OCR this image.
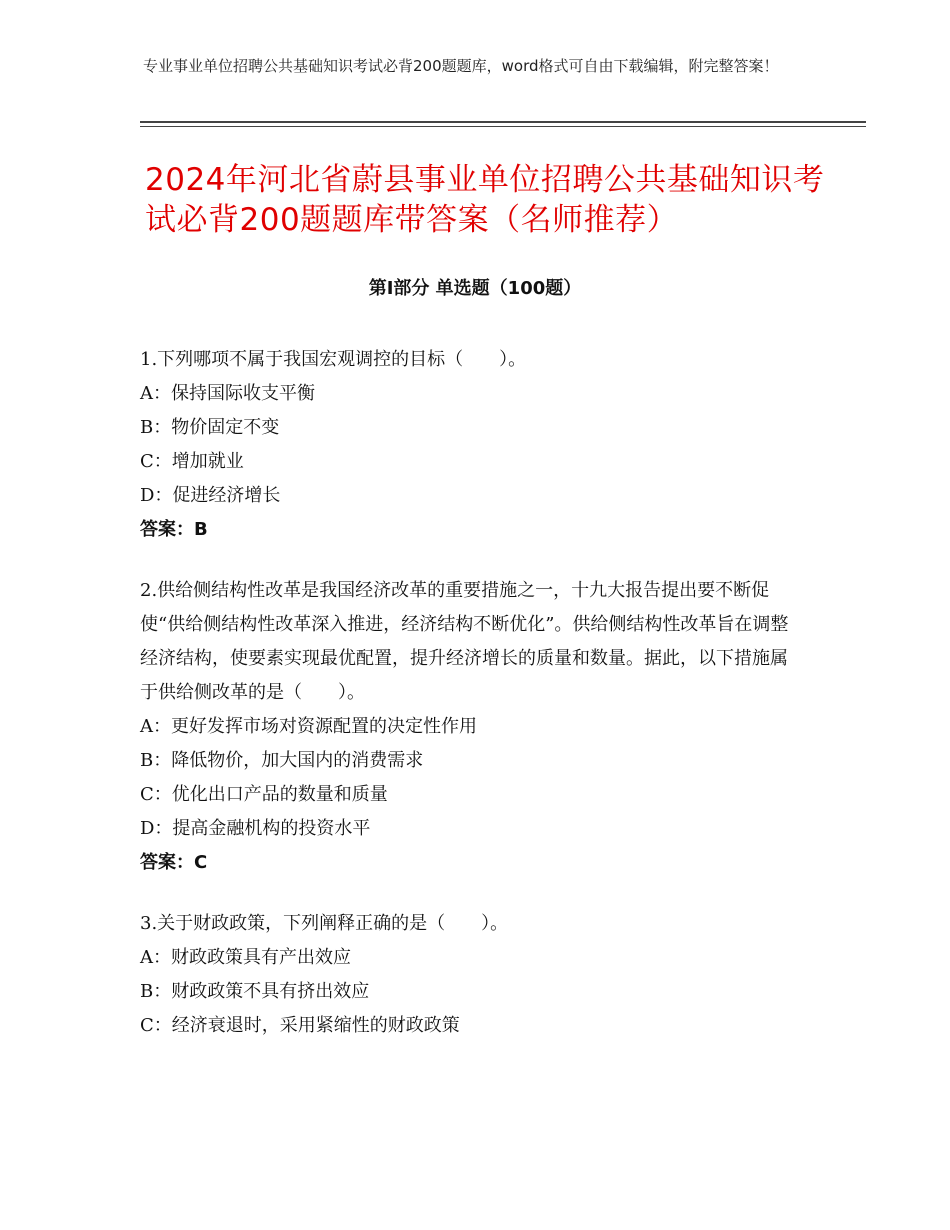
专业事业单位招聘公共基础知识考试必背200题题库，word格式可自由下载编辑，附完整答案！
2024年河北省蔚县事业单位招聘公共基础知识考试必背200题题库带答案（名师推荐）
第Ⅰ部分 单选题（100题）

1.下列哪项不属于我国宏观调控的目标（　　）。

A：保持国际收支平衡

B：物价固定不变

C：增加就业

D：促进经济增长

答案：B

2.供给侧结构性改革是我国经济改革的重要措施之一，十九大报告提出要不断促使“供给侧结构性改革深入推进，经济结构不断优化”。供给侧结构性改革旨在调整经济结构，使要素实现最优配置，提升经济增长的质量和数量。据此，以下措施属于供给侧改革的是（　　）。

A：更好发挥市场对资源配置的决定性作用

B：降低物价，加大国内的消费需求

C：优化出口产品的数量和质量

D：提高金融机构的投资水平

答案：C

3.关于财政政策，下列阐释正确的是（　　）。

A：财政政策具有产出效应

B：财政政策不具有挤出效应

C：经济衰退时，采用紧缩性的财政政策
